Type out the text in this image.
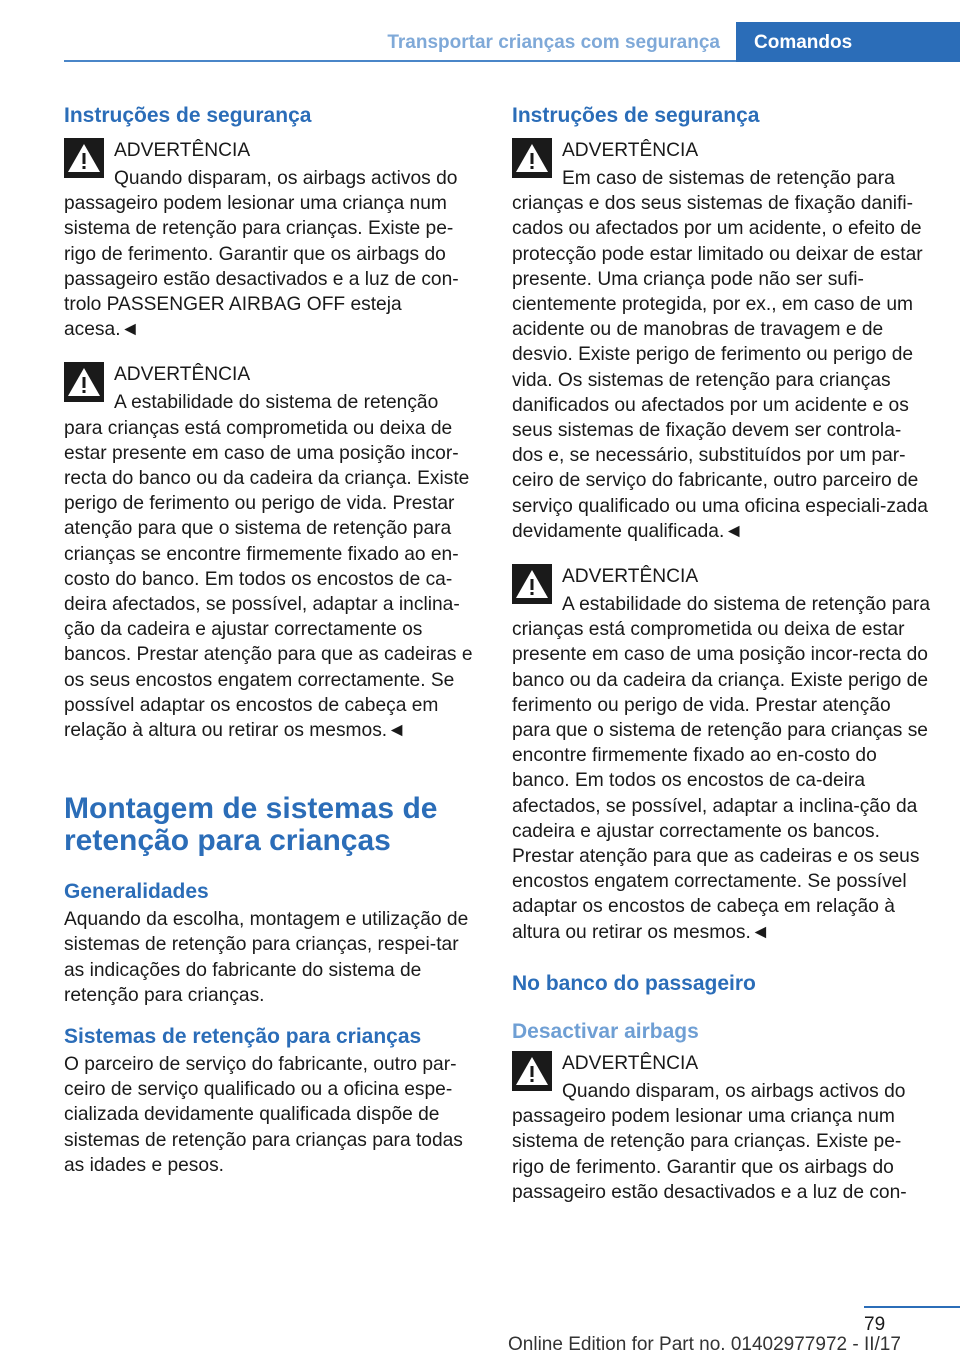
Transportar crianças com segurança	Comandos
Instruções de segurança
ADVERTÊNCIA

Quando disparam, os airbags activos do passageiro podem lesionar uma criança num sistema de retenção para crianças. Existe pe-rigo de ferimento. Garantir que os airbags do passageiro estão desactivados e a luz de con-trolo PASSENGER AIRBAG OFF esteja acesa.◄

ADVERTÊNCIA

A estabilidade do sistema de retenção para crianças está comprometida ou deixa de estar presente em caso de uma posição incor-recta do banco ou da cadeira da criança. Existe perigo de ferimento ou perigo de vida. Prestar atenção para que o sistema de retenção para crianças se encontre firmemente fixado ao en-costo do banco. Em todos os encostos de ca-deira afectados, se possível, adaptar a inclina-ção da cadeira e ajustar correctamente os bancos. Prestar atenção para que as cadeiras e os seus encostos engatem correctamente. Se possível adaptar os encostos de cabeça em relação à altura ou retirar os mesmos.◄

Montagem de sistemas de retenção para crianças
Generalidades

Aquando da escolha, montagem e utilização de sistemas de retenção para crianças, respei-tar as indicações do fabricante do sistema de retenção para crianças.

Sistemas de retenção para crianças

O parceiro de serviço do fabricante, outro par-ceiro de serviço qualificado ou a oficina espe-cializada devidamente qualificada dispõe de sistemas de retenção para crianças para todas as idades e pesos.

Instruções de segurança
ADVERTÊNCIA

Em caso de sistemas de retenção para crianças e dos seus sistemas de fixação danifi-cados ou afectados por um acidente, o efeito de protecção pode estar limitado ou deixar de estar presente. Uma criança pode não ser sufi-cientemente protegida, por ex., em caso de um acidente ou de manobras de travagem e de desvio. Existe perigo de ferimento ou perigo de vida. Os sistemas de retenção para crianças danificados ou afectados por um acidente e os seus sistemas de fixação devem ser controla-dos e, se necessário, substituídos por um par-ceiro de serviço do fabricante, outro parceiro de serviço qualificado ou uma oficina especiali-zada devidamente qualificada.◄

ADVERTÊNCIA

A estabilidade do sistema de retenção para crianças está comprometida ou deixa de estar presente em caso de uma posição incor-recta do banco ou da cadeira da criança. Existe perigo de ferimento ou perigo de vida. Prestar atenção para que o sistema de retenção para crianças se encontre firmemente fixado ao en-costo do banco. Em todos os encostos de ca-deira afectados, se possível, adaptar a inclina-ção da cadeira e ajustar correctamente os bancos. Prestar atenção para que as cadeiras e os seus encostos engatem correctamente. Se possível adaptar os encostos de cabeça em relação à altura ou retirar os mesmos.◄

No banco do passageiro
Desactivar airbags
ADVERTÊNCIA

Quando disparam, os airbags activos do passageiro podem lesionar uma criança num sistema de retenção para crianças. Existe pe-rigo de ferimento. Garantir que os airbags do passageiro estão desactivados e a luz de con-

79
Online Edition for Part no. 01402977972 - II/17
